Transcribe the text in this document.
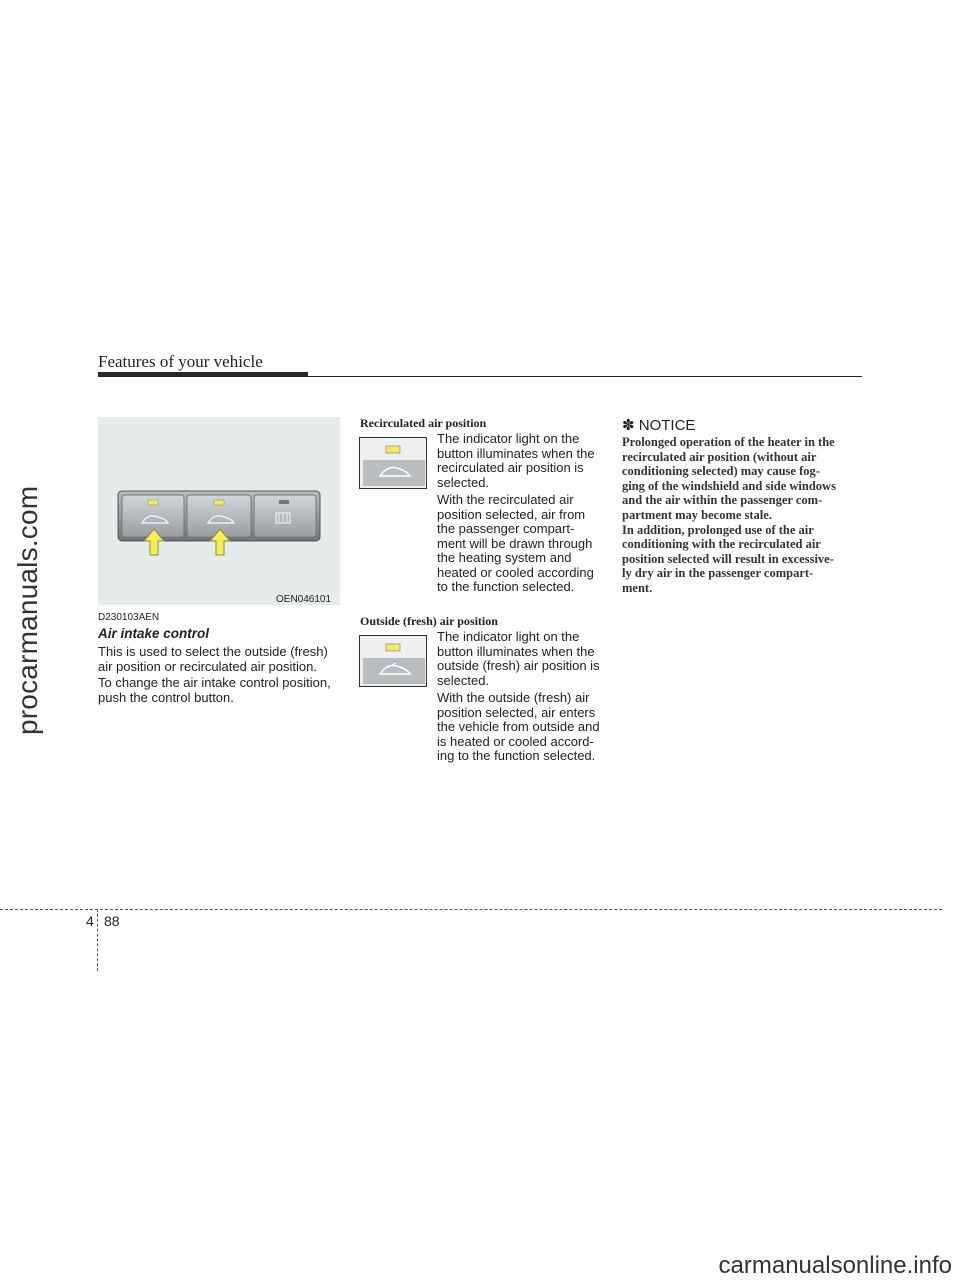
Features of your vehicle
procarmanuals.com
carmanualsonline.info
OEN046101
D230103AEN
Air intake control
This is used to select the outside (fresh)
air position or recirculated air position.
To change the air intake control position,
push the control button.
Recirculated air position
The indicator light on the
button illuminates when the
recirculated air position is
selected.
With the recirculated air
position selected, air from
the passenger compart-
ment will be drawn through
the heating system and
heated or cooled according
to the function selected.
Outside (fresh) air position
The indicator light on the
button illuminates when the
outside (fresh) air position is
selected.
With the outside (fresh) air
position selected, air enters
the vehicle from outside and
is heated or cooled accord-
ing to the function selected.
✽ NOTICE
Prolonged operation of the heater in the
recirculated air position (without air
conditioning selected) may cause fog-
ging of the windshield and side windows
and the air within the passenger com-
partment may become stale.
In addition, prolonged use of the air
conditioning with the recirculated air
position selected will result in excessive-
ly dry air in the passenger compart-
ment.
4 88
